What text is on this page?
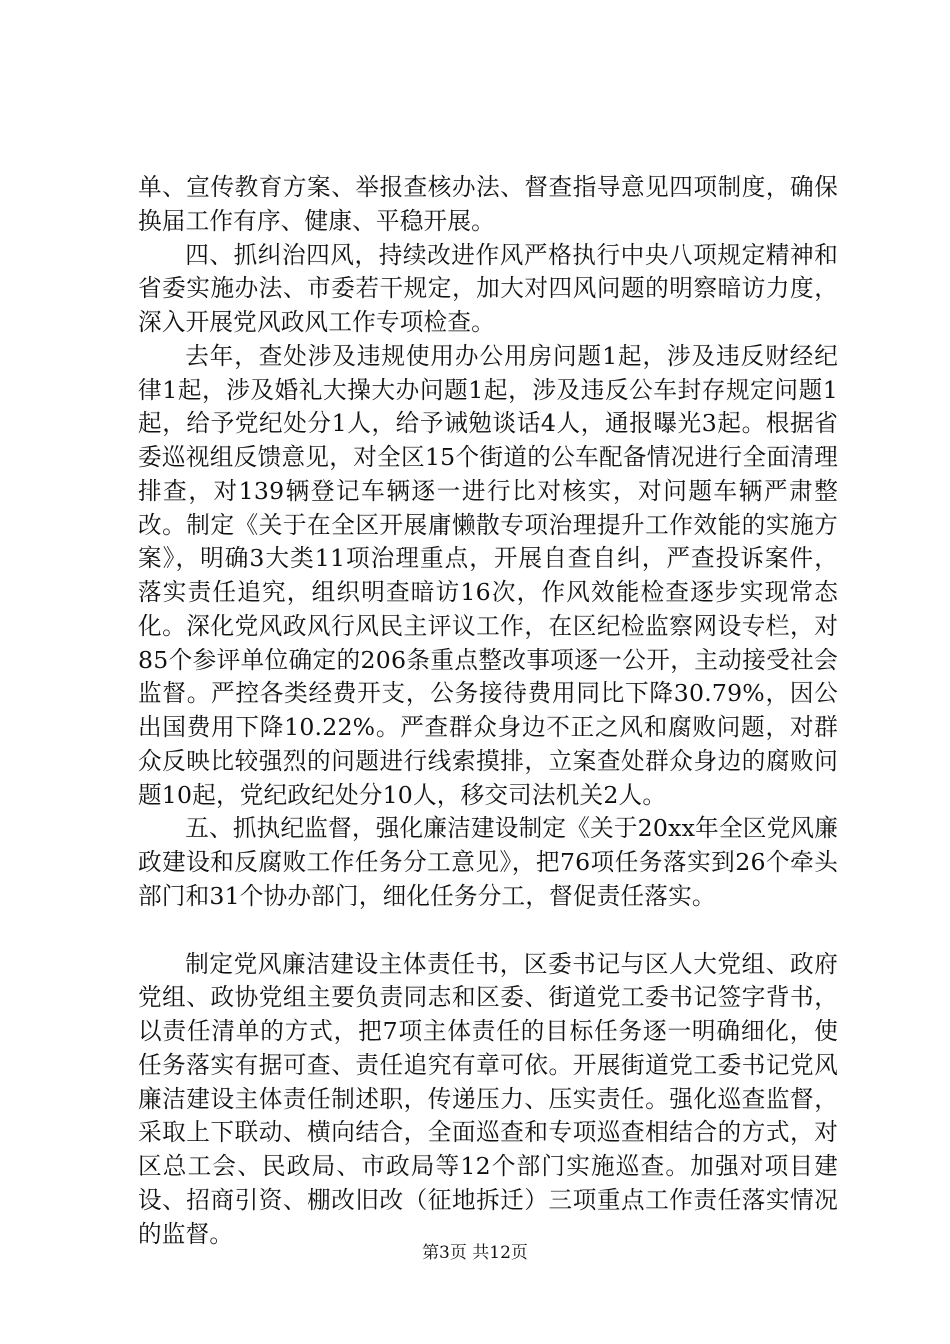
单、宣传教育方案、举报查核办法、督查指导意见四项制度，确保换届工作有序、健康、平稳开展。

四、抓纠治四风，持续改进作风严格执行中央八项规定精神和省委实施办法、市委若干规定，加大对四风问题的明察暗访力度，深入开展党风政风工作专项检查。

去年，查处涉及违规使用办公用房问题1起，涉及违反财经纪律1起，涉及婚礼大操大办问题1起，涉及违反公车封存规定问题1起，给予党纪处分1人，给予诫勉谈话4人，通报曝光3起。根据省委巡视组反馈意见，对全区15个街道的公车配备情况进行全面清理排查，对139辆登记车辆逐一进行比对核实，对问题车辆严肃整改。制定《关于在全区开展庸懒散专项治理提升工作效能的实施方案》，明确3大类11项治理重点，开展自查自纠，严查投诉案件，落实责任追究，组织明查暗访16次，作风效能检查逐步实现常态化。深化党风政风行风民主评议工作，在区纪检监察网设专栏，对85个参评单位确定的206条重点整改事项逐一公开，主动接受社会监督。严控各类经费开支，公务接待费用同比下降30.79%，因公出国费用下降10.22%。严查群众身边不正之风和腐败问题，对群众反映比较强烈的问题进行线索摸排，立案查处群众身边的腐败问题10起，党纪政纪处分10人，移交司法机关2人。

五、抓执纪监督，强化廉洁建设制定《关于20xx年全区党风廉政建设和反腐败工作任务分工意见》，把76项任务落实到26个牵头部门和31个协办部门，细化任务分工，督促责任落实。

制定党风廉洁建设主体责任书，区委书记与区人大党组、政府党组、政协党组主要负责同志和区委、街道党工委书记签字背书，以责任清单的方式，把7项主体责任的目标任务逐一明确细化，使任务落实有据可查、责任追究有章可依。开展街道党工委书记党风廉洁建设主体责任制述职，传递压力、压实责任。强化巡查监督，采取上下联动、横向结合，全面巡查和专项巡查相结合的方式，对区总工会、民政局、市政局等12个部门实施巡查。加强对项目建设、招商引资、棚改旧改（征地拆迁）三项重点工作责任落实情况的监督。

第3页 共12页
